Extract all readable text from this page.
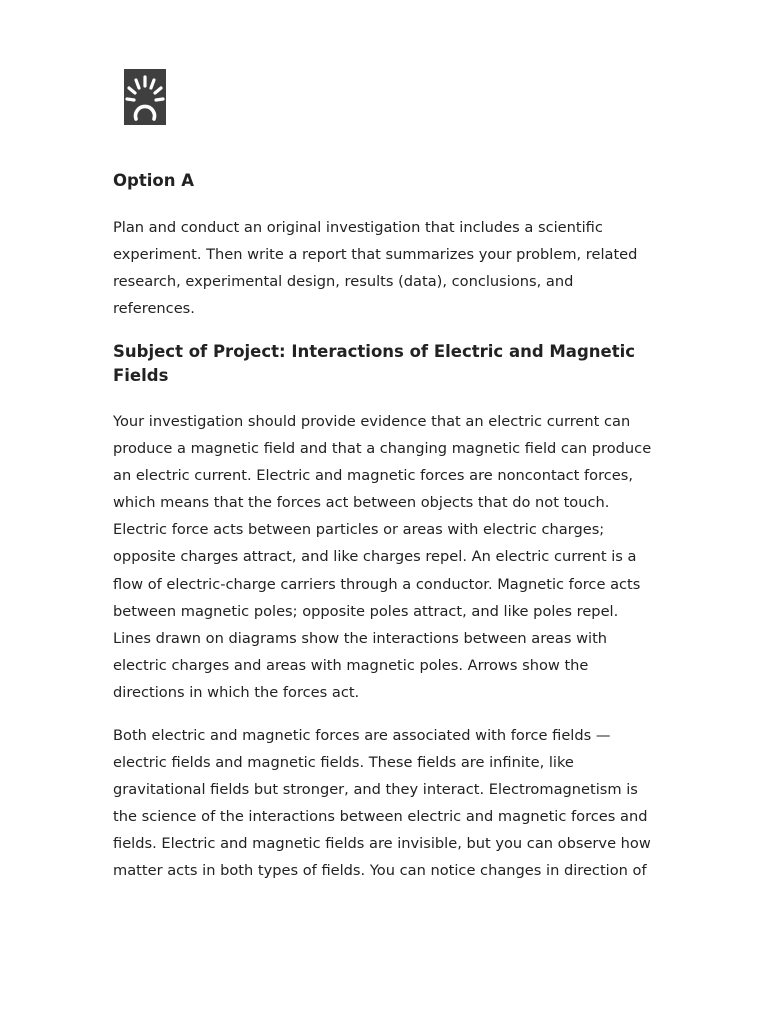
Option A

Plan and conduct an original investigation that includes a scientific
experiment. Then write a report that summarizes your problem, related
research, experimental design, results (data), conclusions, and
references.

Subject of Project: Interactions of Electric and Magnetic
Fields

Your investigation should provide evidence that an electric current can
produce a magnetic field and that a changing magnetic field can produce
an electric current. Electric and magnetic forces are noncontact forces,
which means that the forces act between objects that do not touch.
Electric force acts between particles or areas with electric charges;
opposite charges attract, and like charges repel. An electric current is a
flow of electric-charge carriers through a conductor. Magnetic force acts
between magnetic poles; opposite poles attract, and like poles repel.
Lines drawn on diagrams show the interactions between areas with
electric charges and areas with magnetic poles. Arrows show the
directions in which the forces act.

Both electric and magnetic forces are associated with force fields —
electric fields and magnetic fields. These fields are infinite, like
gravitational fields but stronger, and they interact. Electromagnetism is
the science of the interactions between electric and magnetic forces and
fields. Electric and magnetic fields are invisible, but you can observe how
matter acts in both types of fields. You can notice changes in direction of
